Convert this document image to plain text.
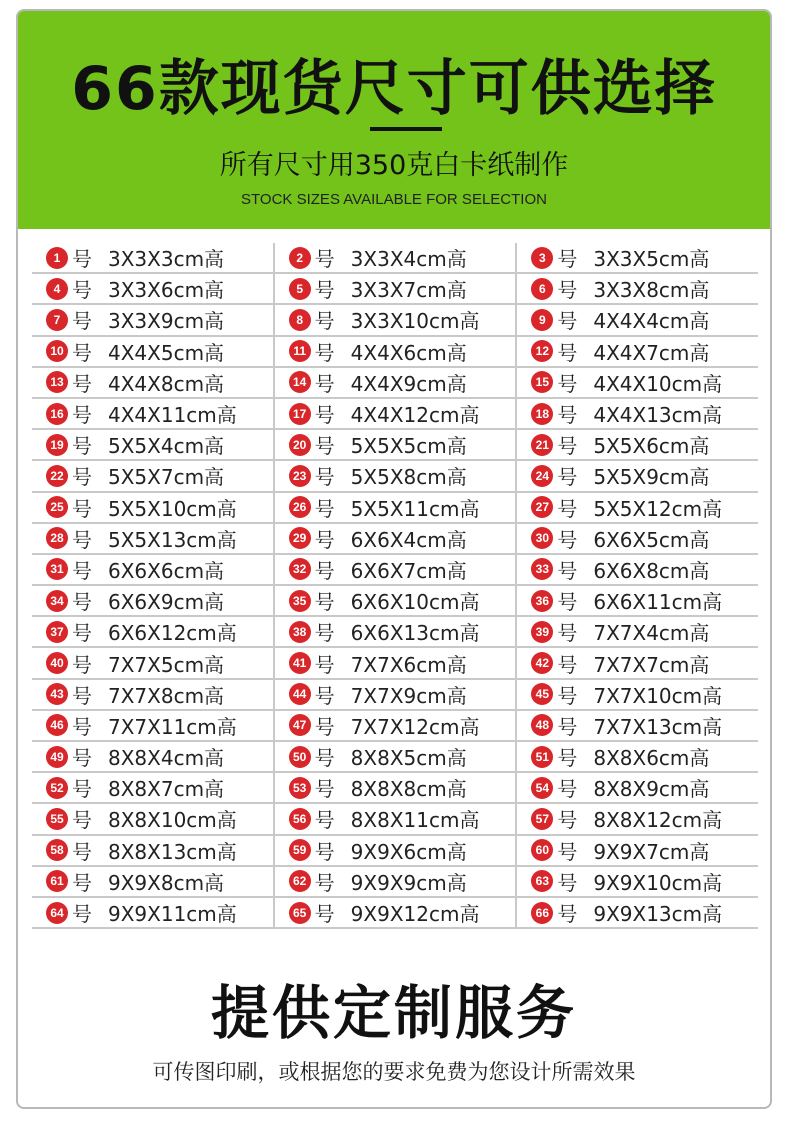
66款现货尺寸可供选择
所有尺寸用350克白卡纸制作
STOCK SIZES AVAILABLE FOR SELECTION
1 号 3X3X3cm高	2 号 3X3X4cm高	3 号 3X3X5cm高
4 号 3X3X6cm高	5 号 3X3X7cm高	6 号 3X3X8cm高
7 号 3X3X9cm高	8 号 3X3X10cm高	9 号 4X4X4cm高
10 号 4X4X5cm高	11 号 4X4X6cm高	12 号 4X4X7cm高
13 号 4X4X8cm高	14 号 4X4X9cm高	15 号 4X4X10cm高
16 号 4X4X11cm高	17 号 4X4X12cm高	18 号 4X4X13cm高
19 号 5X5X4cm高	20 号 5X5X5cm高	21 号 5X5X6cm高
22 号 5X5X7cm高	23 号 5X5X8cm高	24 号 5X5X9cm高
25 号 5X5X10cm高	26 号 5X5X11cm高	27 号 5X5X12cm高
28 号 5X5X13cm高	29 号 6X6X4cm高	30 号 6X6X5cm高
31 号 6X6X6cm高	32 号 6X6X7cm高	33 号 6X6X8cm高
34 号 6X6X9cm高	35 号 6X6X10cm高	36 号 6X6X11cm高
37 号 6X6X12cm高	38 号 6X6X13cm高	39 号 7X7X4cm高
40 号 7X7X5cm高	41 号 7X7X6cm高	42 号 7X7X7cm高
43 号 7X7X8cm高	44 号 7X7X9cm高	45 号 7X7X10cm高
46 号 7X7X11cm高	47 号 7X7X12cm高	48 号 7X7X13cm高
49 号 8X8X4cm高	50 号 8X8X5cm高	51 号 8X8X6cm高
52 号 8X8X7cm高	53 号 8X8X8cm高	54 号 8X8X9cm高
55 号 8X8X10cm高	56 号 8X8X11cm高	57 号 8X8X12cm高
58 号 8X8X13cm高	59 号 9X9X6cm高	60 号 9X9X7cm高
61 号 9X9X8cm高	62 号 9X9X9cm高	63 号 9X9X10cm高
64 号 9X9X11cm高	65 号 9X9X12cm高	66 号 9X9X13cm高
提供定制服务
可传图印刷，或根据您的要求免费为您设计所需效果
